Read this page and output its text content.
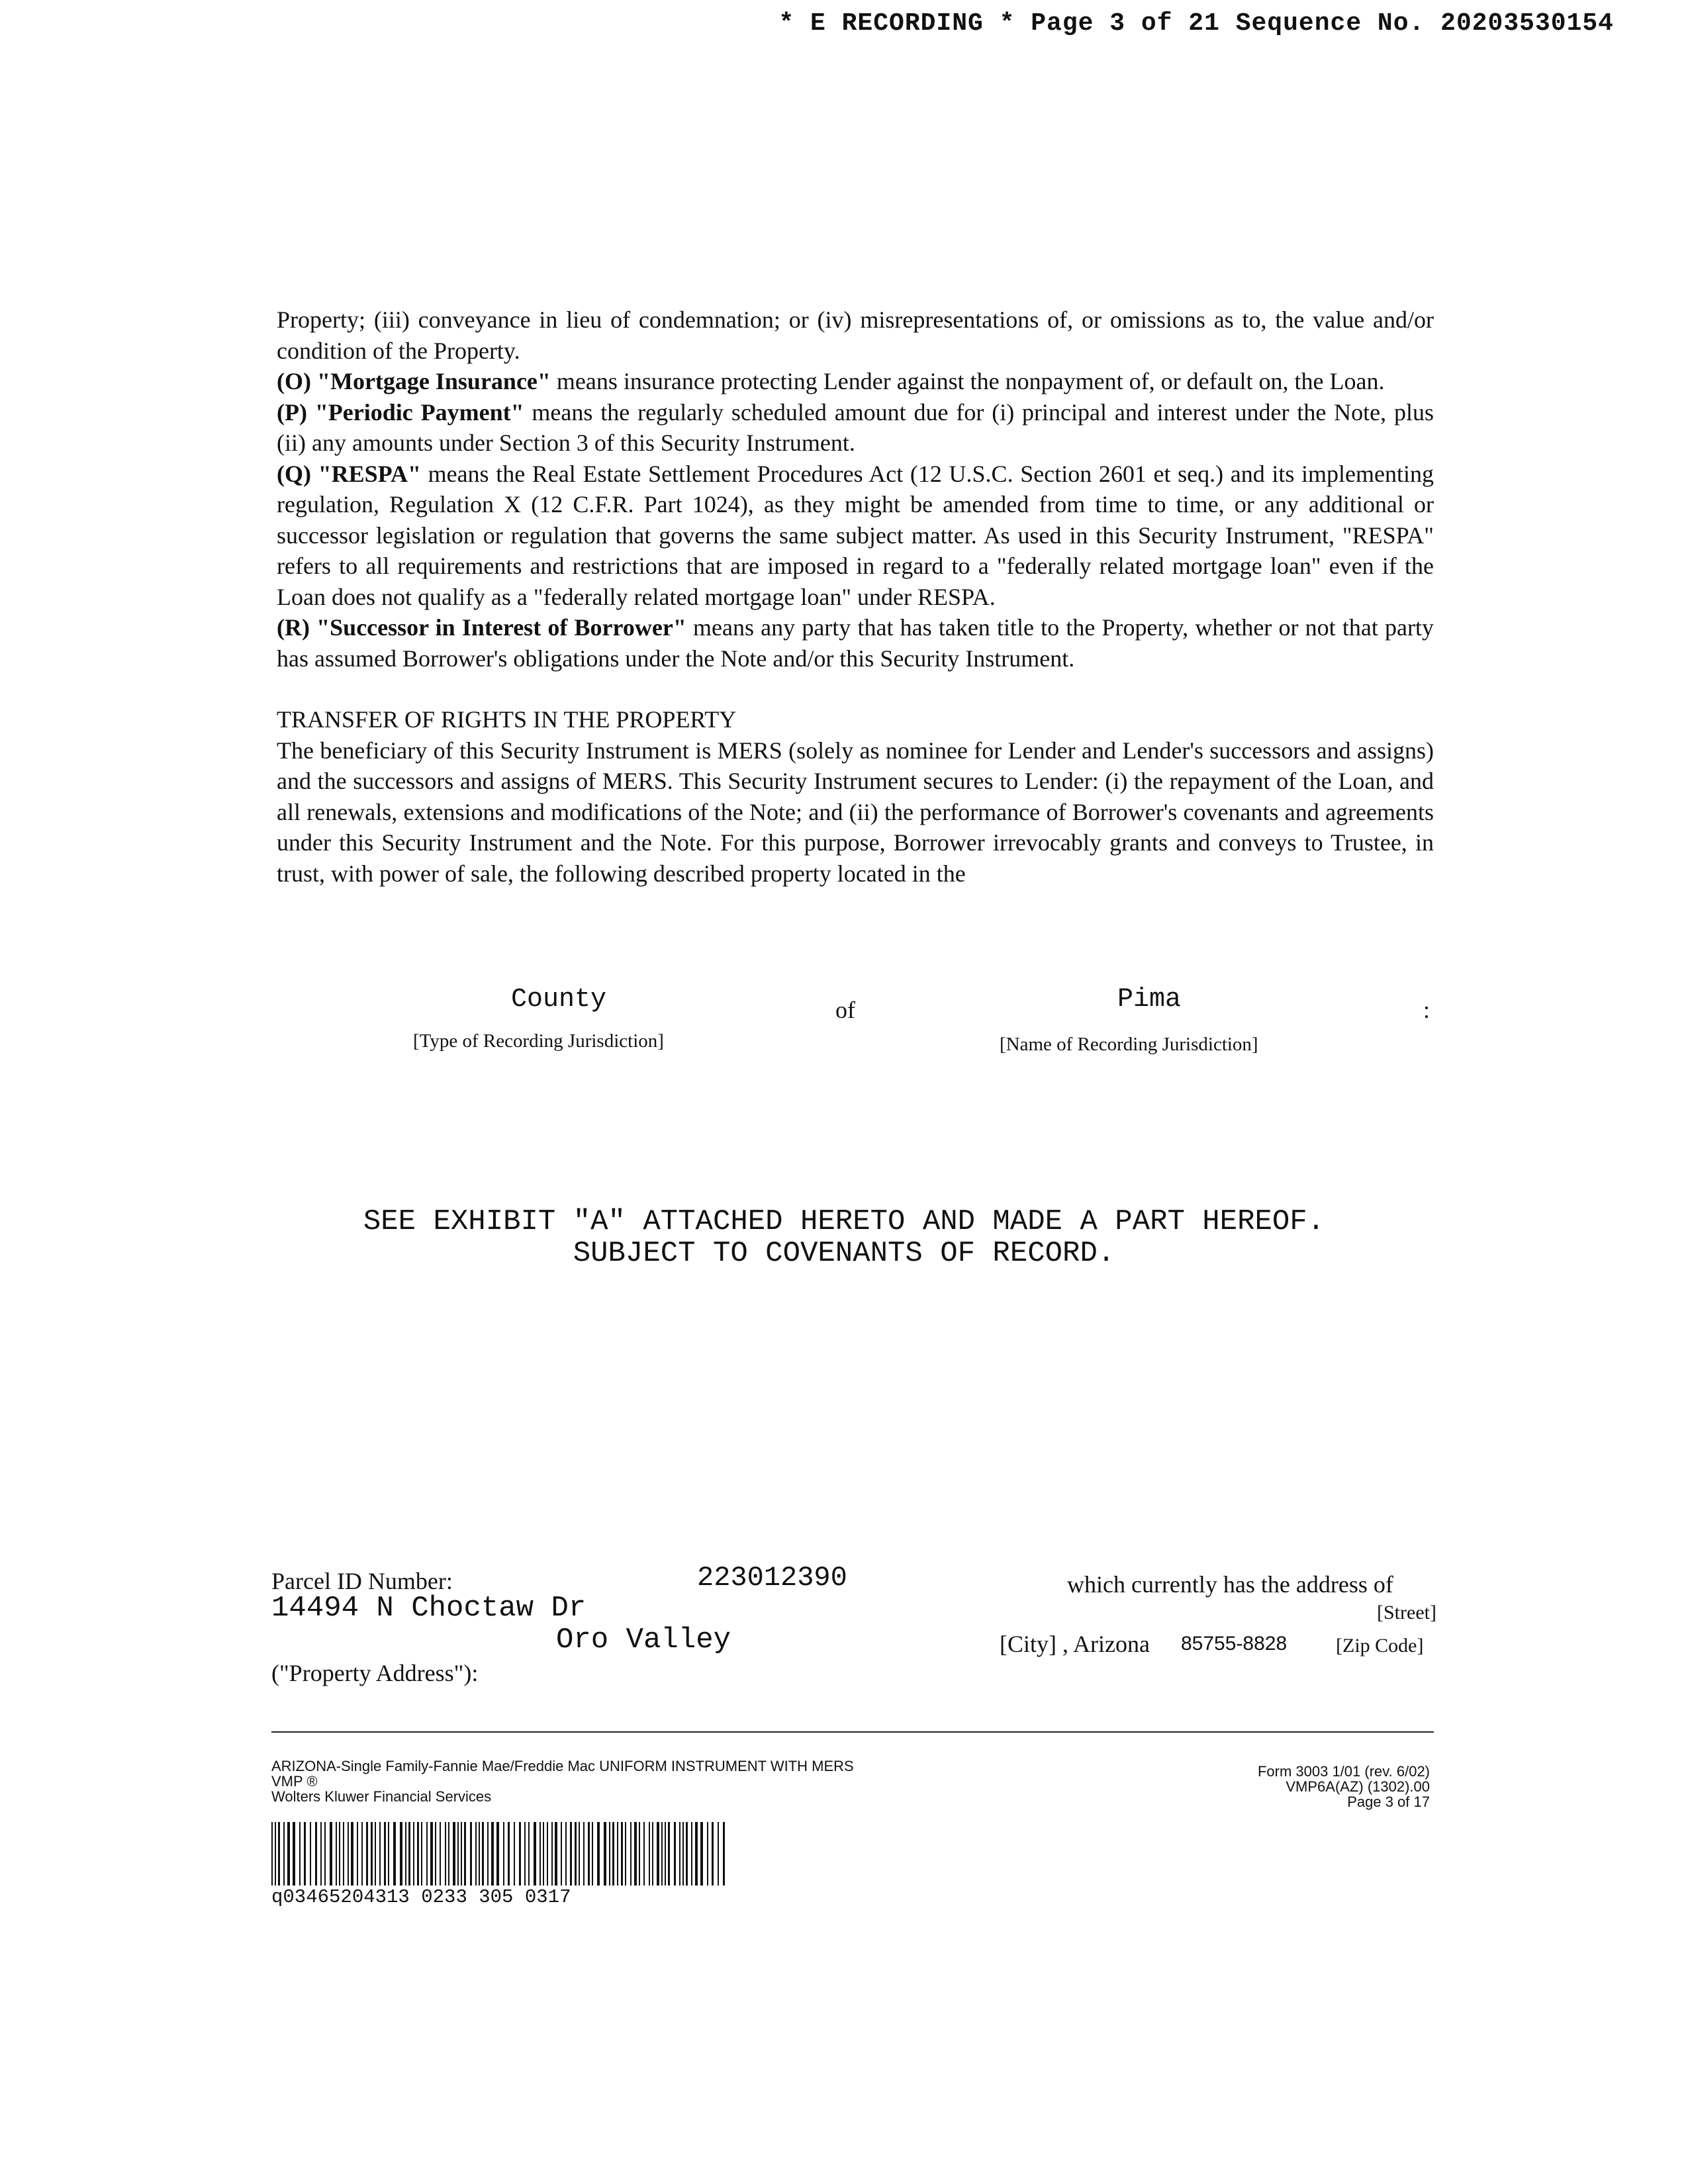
* E RECORDING * Page 3 of 21 Sequence No. 20203530154

Property; (iii) conveyance in lieu of condemnation; or (iv) misrepresentations of, or omissions as to, the value and/or condition of the Property.

(O) "Mortgage Insurance" means insurance protecting Lender against the nonpayment of, or default on, the Loan.

(P) "Periodic Payment" means the regularly scheduled amount due for (i) principal and interest under the Note, plus (ii) any amounts under Section 3 of this Security Instrument.

(Q) "RESPA" means the Real Estate Settlement Procedures Act (12 U.S.C. Section 2601 et seq.) and its implementing regulation, Regulation X (12 C.F.R. Part 1024), as they might be amended from time to time, or any additional or successor legislation or regulation that governs the same subject matter. As used in this Security Instrument, "RESPA" refers to all requirements and restrictions that are imposed in regard to a "federally related mortgage loan" even if the Loan does not qualify as a "federally related mortgage loan" under RESPA.

(R) "Successor in Interest of Borrower" means any party that has taken title to the Property, whether or not that party has assumed Borrower's obligations under the Note and/or this Security Instrument.

TRANSFER OF RIGHTS IN THE PROPERTY

The beneficiary of this Security Instrument is MERS (solely as nominee for Lender and Lender's successors and assigns) and the successors and assigns of MERS. This Security Instrument secures to Lender: (i) the repayment of the Loan, and all renewals, extensions and modifications of the Note; and (ii) the performance of Borrower's covenants and agreements under this Security Instrument and the Note. For this purpose, Borrower irrevocably grants and conveys to Trustee, in trust, with power of sale, the following described property located in the

County	of	Pima	:
[Type of Recording Jurisdiction]	[Name of Recording Jurisdiction]
SEE EXHIBIT "A" ATTACHED HERETO AND MADE A PART HEREOF.
SUBJECT TO COVENANTS OF RECORD.
Parcel ID Number:	223012390	which currently has the address of
14494 N Choctaw Dr	[Street]
Oro Valley	[City] , Arizona 85755-8828 [Zip Code]
("Property Address"):
ARIZONA-Single Family-Fannie Mae/Freddie Mac UNIFORM INSTRUMENT WITH MERS
VMP ®
Wolters Kluwer Financial Services
Form 3003 1/01 (rev. 6/02)
VMP6A(AZ) (1302).00
Page 3 of 17
q03465204313 0233 305 0317
